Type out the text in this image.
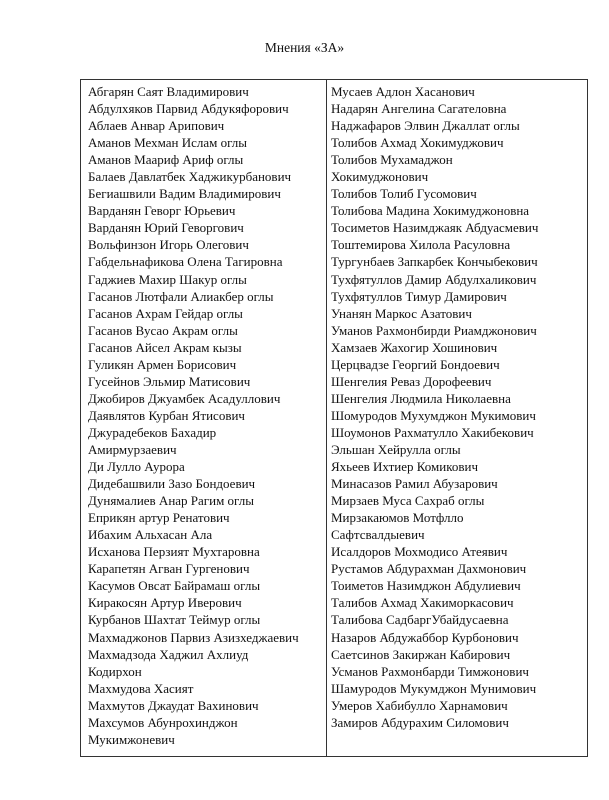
Мнения «ЗА»
Абгарян Саят Владимирович
Абдулхяков Парвид Абдукяфорович
Аблаев Анвар Арипович
Аманов Мехман Ислам оглы
Аманов Мaариф Ариф оглы
Балаев Давлатбек Хаджикурбанович
Бегиашвили Вадим Владимирович
Варданян Геворг Юрьевич
Варданян Юрий Геворгович
Вольфинзон Игорь Олегович
Габдельнафикова Олена Тагировна
Гаджиев Махир Шакур оглы
Гасанов Лютфали Алиакбер оглы
Гасанов Ахрам Гейдар оглы
Гасанов Вусао Акрам оглы
Гасанов Айсел Акрам кызы
Гуликян Армен Борисович
Гусейнов Эльмир Матисович
Джобиров Джуамбек Асадуллович
Даявлятов Курбан Ятисович
Джурадебеков Бахадир
Амирмурзаевич
Ди Лулло Аурора
Дидебашвили Зазо Бондоевич
Дунямалиев Анар Рагим оглы
Еприкян артур Ренатович
Ибахим Альхасан Ала
Исханова Перзият Мухтаровна
Карапетян Агван Гургенович
Касумов Овсат Байрамаш оглы
Киракосян Артур Иверович
Курбанов Шахтат Теймур оглы
Махмаджонов Парвиз Азизхеджаевич
Махмадзода Хаджил Ахлиуд
Кодирхон
Махмудова Хасият
Махмутов Джаудат Вахинович
Махсумов Абунрохинджон
Мукимжоневич
Мусаев Адлон Хасанович
Надарян Ангелина Сагателовна
Наджафаров Элвин Джаллат оглы
Толибов Ахмад Хокимуджович
Толибов Мухамаджон
Хокимуджонович
Толибов Толиб Гусомович
Толибова Мадина Хокимуджоновна
Тосиметов Назимджаяк Абдуасмевич
Тоштемирова Хилола Расуловна
Тургунбаев Запкарбек Кончыбекович
Тухфятуллов Дамир Абдулхаликович
Тухфятуллов Тимур Дамирович
Унанян Маркос Азатович
Уманов Рахмонбирди Риамджонович
Хамзаев Жахогир Хошинович
Церцвадзе Георгий Бондоевич
Шенгелия Реваз Дорофеевич
Шенгелия Людмила Николаевна
Шомуродов Мухумджон Мукимович
Шоумонов Рахматулло Хакибекович
Эльшан Хейрулла оглы
Яхьеев Ихтиер Комикович
Минасазов Рамил Абузарович
Мирзаев Муса Сахраб оглы
Мирзакаюмов Мотфлло
Сафтсвалдыевич
Исалдоров Мохмодисо Атеявич
Рустамов Абдурахман Дахмонович
Тоиметов Назимджон Абдулиевич
Талибов Ахмад Хакиморкасович
Талибова СадбаргУбайдусаевна
Назаров Абдужаббор Курбонович
Саетсинов Закиржан Кабирович
Усманов Рахмонбарди Тимжонович
Шамуродов Мукумджон Мунимович
Умеров Хабибулло Харнамович
Замиров Абдурахим Силомович
